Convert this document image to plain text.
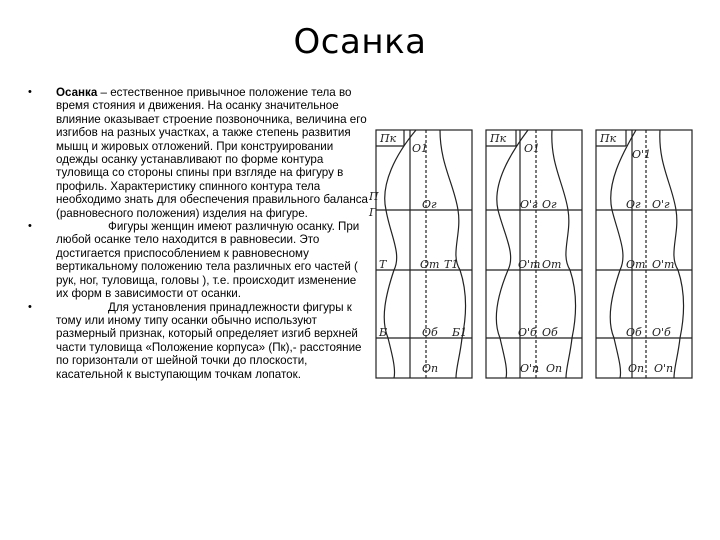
Осанка
• Осанка – естественное привычное положение тела во время стояния и движения. На осанку значительное влияние оказывает строение позвоночника, величина его изгибов на разных участках, а также степень развития мышц и жировых отложений. При конструировании одежды осанку устанавливают по форме контура туловища со стороны спины при взгляде на фигуру в профиль. Характеристику спинного контура тела необходимо знать для обеспечения правильного баланса (равновесного положения) изделия на фигуре.
•	Фигуры женщин имеют различную осанку. При любой осанке тело находится в равновесии. Это достигается приспособлением к равновесному вертикальному положению тела различных его частей ( рук, ног, туловища, головы ), т.е. происходит изменение их форм в зависимости от осанки.
•	Для установления принадлежности фигуры к тому или иному типу осанки обычно используют размерный признак, который определяет изгиб верхней части туловища «Положение корпуса» (Пк),- расстояние по горизонтали от шейной точки до плоскости, касательной к выступающим точкам лопаток.
П
Г
Т
Б
Пк
О1
Ог
От Т1
Об Б1
Оп
Пк
О1
О'г Ог
О'т От
О'б Об
О'п Оп
Пк
О'1
Ог О'г
От О'т
Об О'б
Оп О'п
